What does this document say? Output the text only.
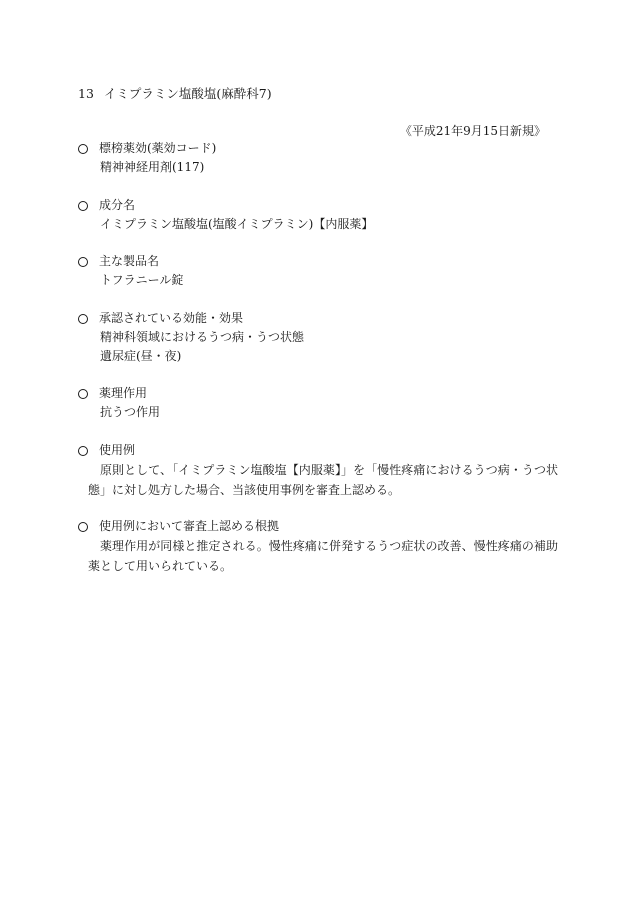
13 イミプラミン塩酸塩(麻酔科7)
《平成21年9月15日新規》
標榜薬効(薬効コード)
精神神経用剤(117)
成分名
イミプラミン塩酸塩(塩酸イミプラミン)【内服薬】
主な製品名
トフラニール錠
承認されている効能・効果
精神科領域におけるうつ病・うつ状態
遺尿症(昼・夜)
薬理作用
抗うつ作用
使用例
原則として、「イミプラミン塩酸塩【内服薬】」を「慢性疼痛におけるうつ病・うつ状態」に対し処方した場合、当該使用事例を審査上認める。
使用例において審査上認める根拠
薬理作用が同様と推定される。慢性疼痛に併発するうつ症状の改善、慢性疼痛の補助薬として用いられている。
